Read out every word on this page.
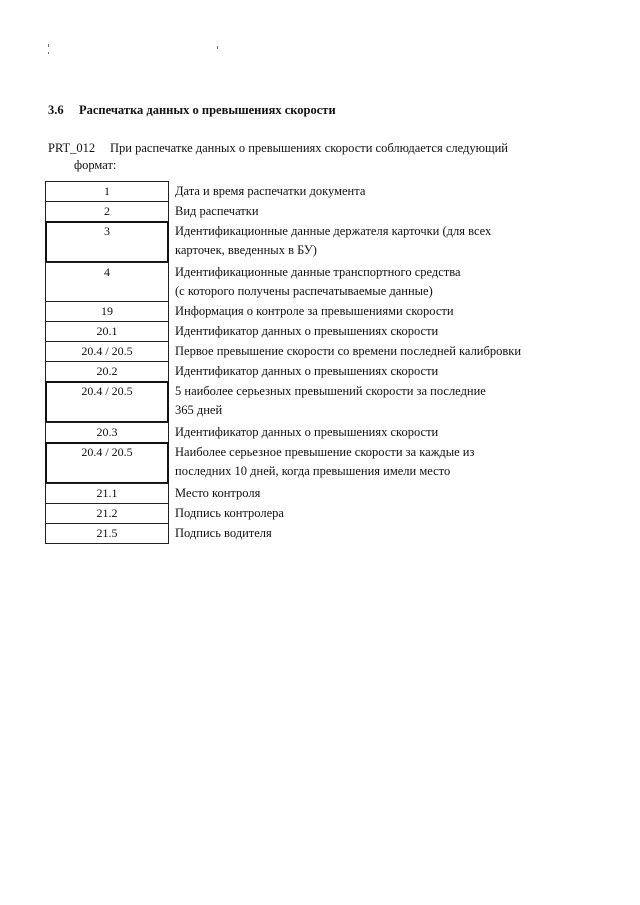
3.6 Распечатка данных о превышениях скорости
PRT_012 При распечатке данных о превышениях скорости соблюдается следующий
формат:
1	Дата и время распечатки документа
2	Вид распечатки
3	Идентификационные данные держателя карточки (для всех
карточек, введенных в БУ)
4	Идентификационные данные транспортного средства
(с которого получены распечатываемые данные)
19	Информация о контроле за превышениями скорости
20.1	Идентификатор данных о превышениях скорости
20.4 / 20.5	Первое превышение скорости со времени последней калибровки
20.2	Идентификатор данных о превышениях скорости
20.4 / 20.5	5 наиболее серьезных превышений скорости за последние
365 дней
20.3	Идентификатор данных о превышениях скорости
20.4 / 20.5	Наиболее серьезное превышение скорости за каждые из
последних 10 дней, когда превышения имели место
21.1	Место контроля
21.2	Подпись контролера
21.5	Подпись водителя
